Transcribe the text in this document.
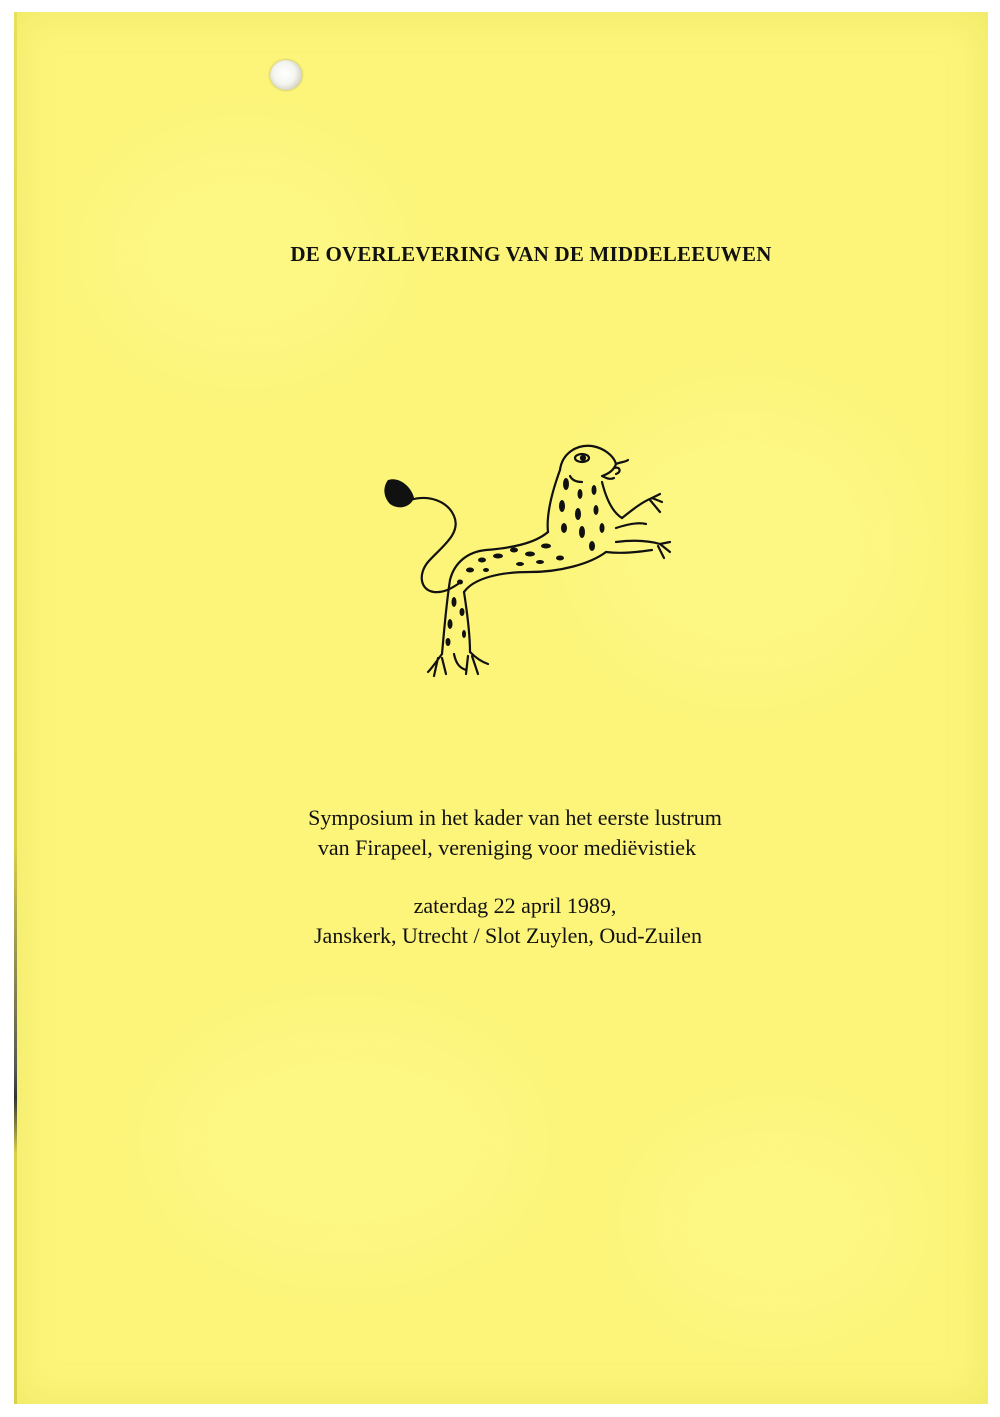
DE OVERLEVERING VAN DE MIDDELEEUWEN
Symposium in het kader van het eerste lustrum
van Firapeel, vereniging voor mediëvistiek
zaterdag 22 april 1989,
Janskerk, Utrecht / Slot Zuylen, Oud-Zuilen
